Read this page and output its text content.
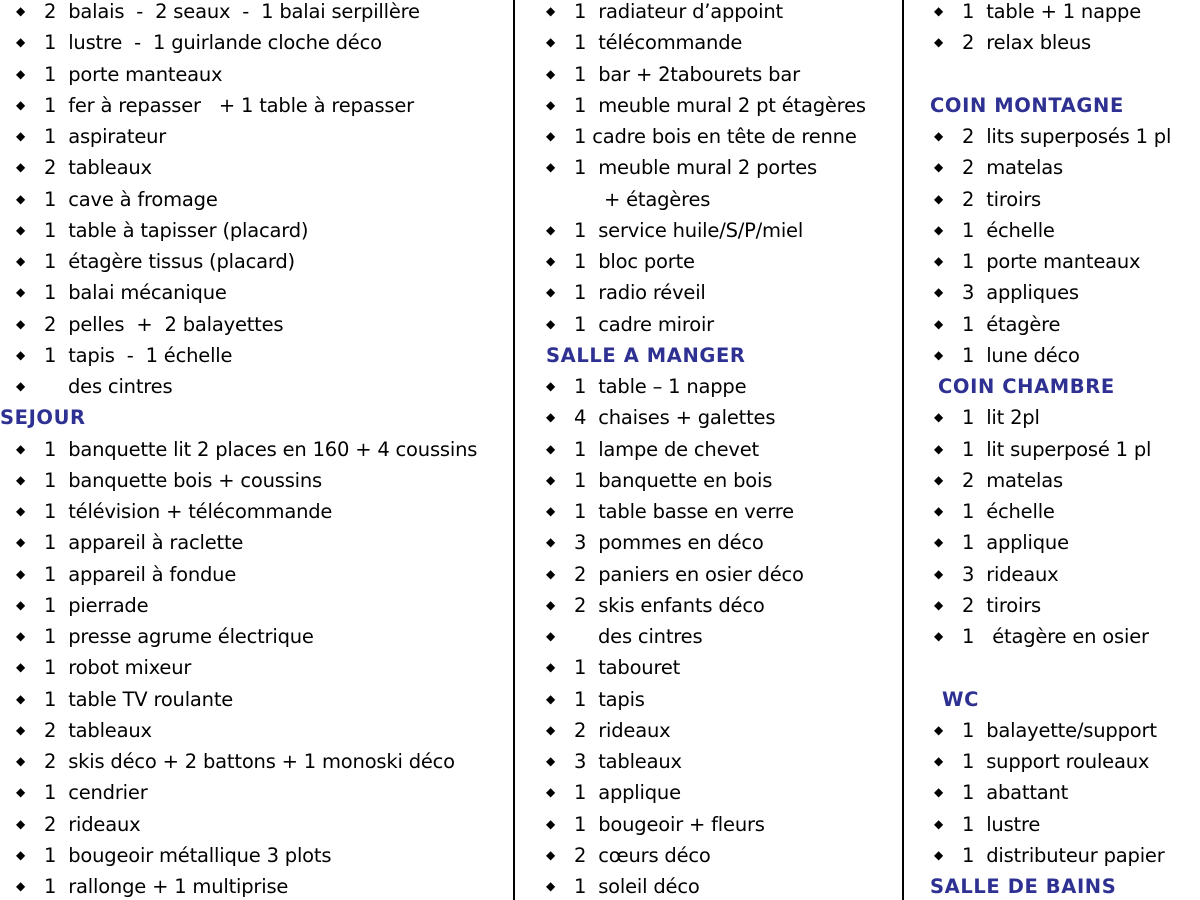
◆ 2  balais  -  2 seaux  -  1 balai serpillère
◆ 1  lustre  -  1 guirlande cloche déco
◆ 1  porte manteaux
◆ 1  fer à repasser   + 1 table à repasser
◆ 1  aspirateur
◆ 2  tableaux
◆ 1  cave à fromage
◆ 1  table à tapisser (placard)
◆ 1  étagère tissus (placard)
◆ 1  balai mécanique
◆ 2  pelles  +  2 balayettes
◆ 1  tapis  -  1 échelle
◆ des cintres
SEJOUR
◆ 1  banquette lit 2 places en 160 + 4 coussins
◆ 1  banquette bois + coussins
◆ 1  télévision + télécommande
◆ 1  appareil à raclette
◆ 1  appareil à fondue
◆ 1  pierrade
◆ 1  presse agrume électrique
◆ 1  robot mixeur
◆ 1  table TV roulante
◆ 2  tableaux
◆ 2  skis déco + 2 battons + 1 monoski déco
◆ 1  cendrier
◆ 2  rideaux
◆ 1  bougeoir métallique 3 plots
◆ 1  rallonge + 1 multiprise
◆ 1  radiateur d’appoint
◆ 1  télécommande
◆ 1  bar + 2tabourets bar
◆ 1  meuble mural 2 pt étagères
◆ 1 cadre bois en tête de renne
◆ 1  meuble mural 2 portes
+ étagères
◆ 1  service huile/S/P/miel
◆ 1  bloc porte
◆ 1  radio réveil
◆ 1  cadre miroir
SALLE A MANGER
◆ 1  table – 1 nappe
◆ 4  chaises + galettes
◆ 1  lampe de chevet
◆ 1  banquette en bois
◆ 1  table basse en verre
◆ 3  pommes en déco
◆ 2  paniers en osier déco
◆ 2  skis enfants déco
◆ des cintres
◆ 1  tabouret
◆ 1  tapis
◆ 2  rideaux
◆ 3  tableaux
◆ 1  applique
◆ 1  bougeoir + fleurs
◆ 2  cœurs déco
◆ 1  soleil déco
◆ 1  table + 1 nappe
◆ 2  relax bleus
COIN MONTAGNE
◆ 2  lits superposés 1 pl
◆ 2  matelas
◆ 2  tiroirs
◆ 1  échelle
◆ 1  porte manteaux
◆ 3  appliques
◆ 1  étagère
◆ 1  lune déco
COIN CHAMBRE
◆ 1  lit 2pl
◆ 1  lit superposé 1 pl
◆ 2  matelas
◆ 1  échelle
◆ 1  applique
◆ 3  rideaux
◆ 2  tiroirs
◆ 1   étagère en osier
WC
◆ 1  balayette/support
◆ 1  support rouleaux
◆ 1  abattant
◆ 1  lustre
◆ 1  distributeur papier
SALLE DE BAINS
